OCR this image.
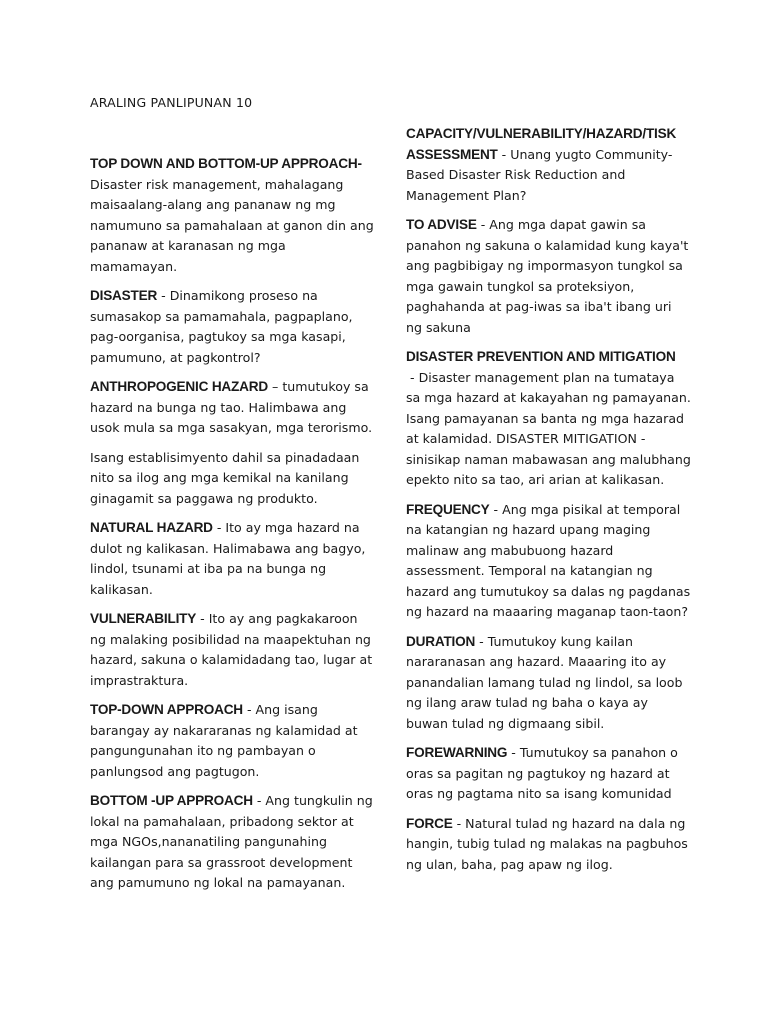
ARALING PANLIPUNAN 10

TOP DOWN AND BOTTOM-UP APPROACH-
Disaster risk management, mahalagang maisaalang-alang ang pananaw ng mg namumuno sa pamahalaan at ganon din ang pananaw at karanasan ng mga mamamayan.

DISASTER - Dinamikong proseso na sumasakop sa pamamahala, pagpaplano, pag-oorganisa, pagtukoy sa mga kasapi, pamumuno, at pagkontrol?

ANTHROPOGENIC HAZARD – tumutukoy sa hazard na bunga ng tao. Halimbawa ang usok mula sa mga sasakyan, mga terorismo.

Isang establisimyento dahil sa pinadadaan nito sa ilog ang mga kemikal na kanilang ginagamit sa paggawa ng produkto.

NATURAL HAZARD - Ito ay mga hazard na dulot ng kalikasan. Halimabawa ang bagyo, lindol, tsunami at iba pa na bunga ng kalikasan.

VULNERABILITY - Ito ay ang pagkakaroon ng malaking posibilidad na maapektuhan ng hazard, sakuna o kalamidadang tao, lugar at imprastraktura.

TOP-DOWN APPROACH - Ang isang barangay ay nakararanas ng kalamidad at pangungunahan ito ng pambayan o panlungsod ang pagtugon.

BOTTOM -UP APPROACH - Ang tungkulin ng lokal na pamahalaan, pribadong sektor at mga NGOs,nananatiling pangunahing kailangan para sa grassroot development ang pamumuno ng lokal na pamayanan.

CAPACITY/VULNERABILITY/HAZARD/TISK ASSESSMENT - Unang yugto Community-Based Disaster Risk Reduction and Management Plan?

TO ADVISE - Ang mga dapat gawin sa panahon ng sakuna o kalamidad kung kaya't ang pagbibigay ng impormasyon tungkol sa mga gawain tungkol sa proteksiyon, paghahanda at pag-iwas sa iba't ibang uri ng sakuna

DISASTER PREVENTION AND MITIGATION - Disaster management plan na tumataya sa mga hazard at kakayahan ng pamayanan. Isang pamayanan sa banta ng mga hazarad at kalamidad. DISASTER MITIGATION - sinisikap naman mabawasan ang malubhang epekto nito sa tao, ari arian at kalikasan.

FREQUENCY - Ang mga pisikal at temporal na katangian ng hazard upang maging malinaw ang mabubuong hazard assessment. Temporal na katangian ng hazard ang tumutukoy sa dalas ng pagdanas ng hazard na maaaring maganap taon-taon?

DURATION - Tumutukoy kung kailan nararanasan ang hazard. Maaaring ito ay panandalian lamang tulad ng lindol, sa loob ng ilang araw tulad ng baha o kaya ay buwan tulad ng digmaang sibil.

FOREWARNING - Tumutukoy sa panahon o oras sa pagitan ng pagtukoy ng hazard at oras ng pagtama nito sa isang komunidad

FORCE - Natural tulad ng hazard na dala ng hangin, tubig tulad ng malakas na pagbuhos ng ulan, baha, pag apaw ng ilog.
